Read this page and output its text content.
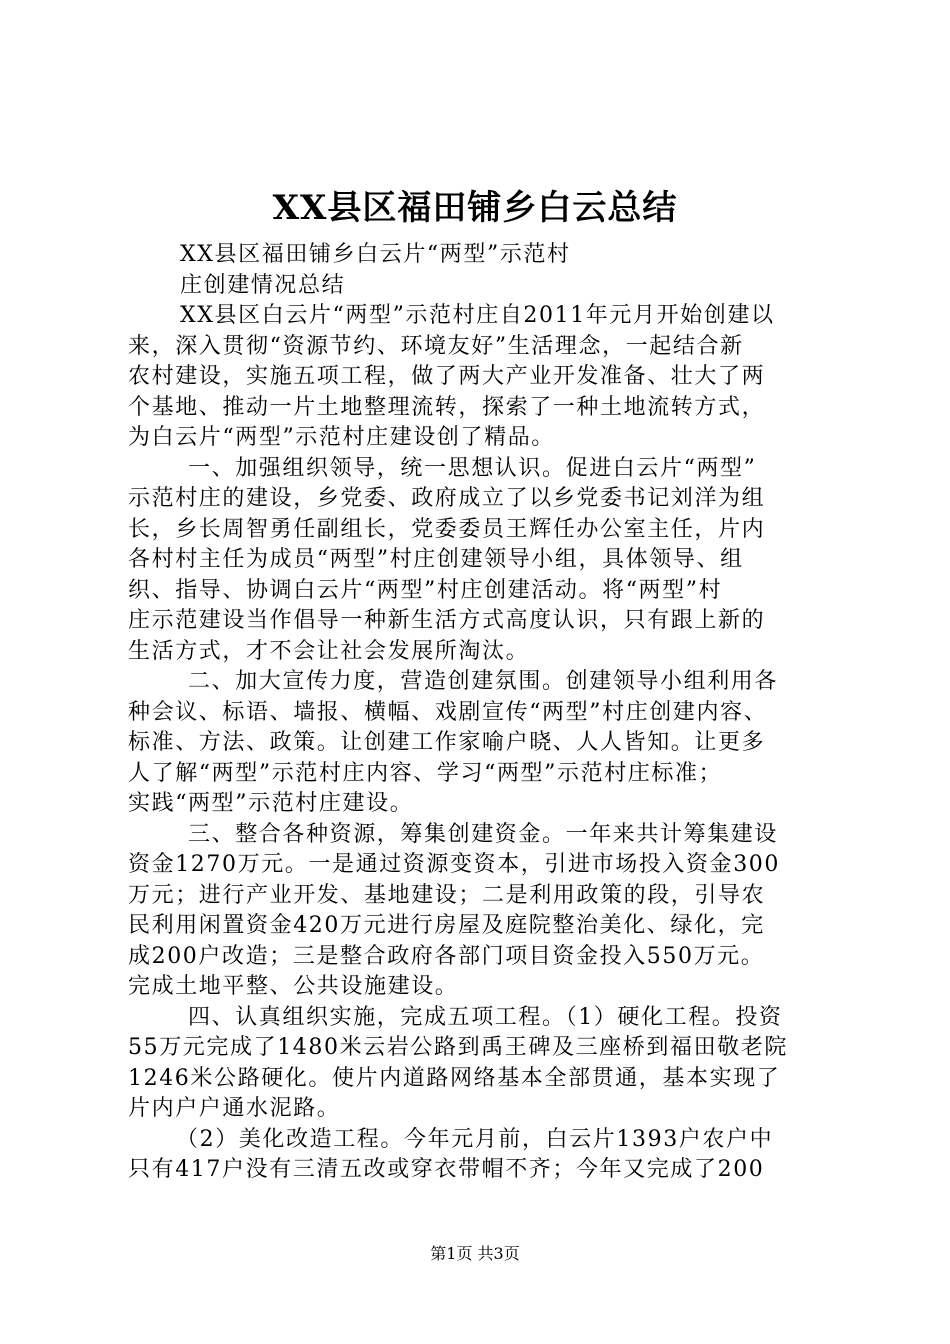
XX县区福田铺乡白云总结
XX县区福田铺乡白云片“两型”示范村
庄创建情况总结
XX县区白云片“两型”示范村庄自2011年元月开始创建以
来，深入贯彻“资源节约、环境友好”生活理念，一起结合新
农村建设，实施五项工程，做了两大产业开发准备、壮大了两
个基地、推动一片土地整理流转，探索了一种土地流转方式，
为白云片“两型”示范村庄建设创了精品。
一、加强组织领导，统一思想认识。促进白云片“两型”
示范村庄的建设，乡党委、政府成立了以乡党委书记刘洋为组
长，乡长周智勇任副组长，党委委员王辉任办公室主任，片内
各村村主任为成员“两型”村庄创建领导小组，具体领导、组
织、指导、协调白云片“两型”村庄创建活动。将“两型”村
庄示范建设当作倡导一种新生活方式高度认识，只有跟上新的
生活方式，才不会让社会发展所淘汰。
二、加大宣传力度，营造创建氛围。创建领导小组利用各
种会议、标语、墙报、横幅、戏剧宣传“两型”村庄创建内容、
标准、方法、政策。让创建工作家喻户晓、人人皆知。让更多
人了解“两型”示范村庄内容、学习“两型”示范村庄标准；
实践“两型”示范村庄建设。
三、整合各种资源，筹集创建资金。一年来共计筹集建设
资金1270万元。一是通过资源变资本，引进市场投入资金300
万元；进行产业开发、基地建设；二是利用政策的段，引导农
民利用闲置资金420万元进行房屋及庭院整治美化、绿化，完
成200户改造；三是整合政府各部门项目资金投入550万元。
完成土地平整、公共设施建设。
四、认真组织实施，完成五项工程。（1）硬化工程。投资
55万元完成了1480米云岩公路到禹王碑及三座桥到福田敬老院
1246米公路硬化。使片内道路网络基本全部贯通，基本实现了
片内户户通水泥路。
（2）美化改造工程。今年元月前，白云片1393户农户中
只有417户没有三清五改或穿衣带帽不齐；今年又完成了200
第1页 共3页
